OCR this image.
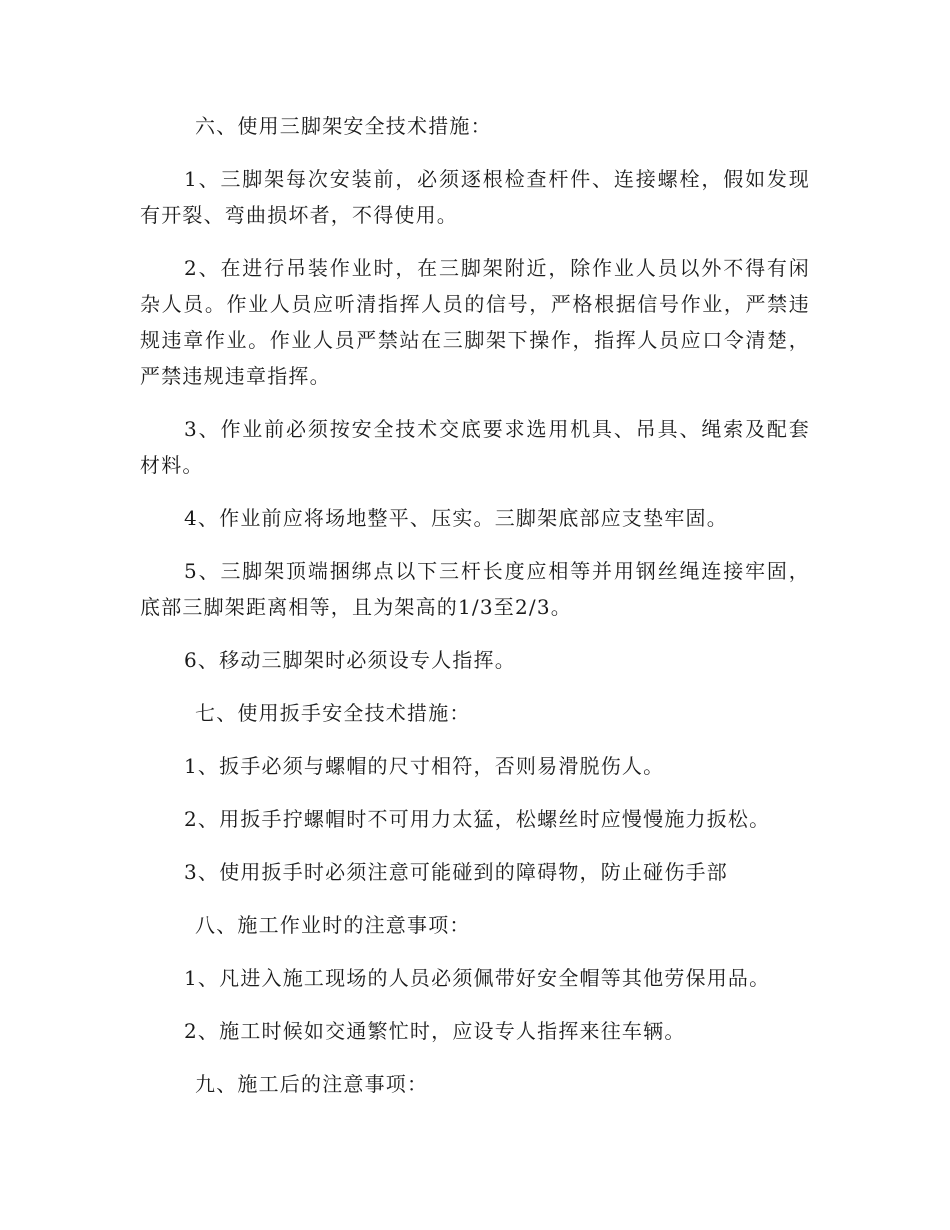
六、使用三脚架安全技术措施：

1、三脚架每次安装前，必须逐根检查杆件、连接螺栓，假如发现有开裂、弯曲损坏者，不得使用。

2、在进行吊装作业时，在三脚架附近，除作业人员以外不得有闲杂人员。作业人员应听清指挥人员的信号，严格根据信号作业，严禁违规违章作业。作业人员严禁站在三脚架下操作，指挥人员应口令清楚，严禁违规违章指挥。

3、作业前必须按安全技术交底要求选用机具、吊具、绳索及配套材料。

4、作业前应将场地整平、压实。三脚架底部应支垫牢固。

5、三脚架顶端捆绑点以下三杆长度应相等并用钢丝绳连接牢固，底部三脚架距离相等，且为架高的1/3至2/3。

6、移动三脚架时必须设专人指挥。

七、使用扳手安全技术措施：

1、扳手必须与螺帽的尺寸相符，否则易滑脱伤人。

2、用扳手拧螺帽时不可用力太猛，松螺丝时应慢慢施力扳松。

3、使用扳手时必须注意可能碰到的障碍物，防止碰伤手部

八、施工作业时的注意事项：

1、凡进入施工现场的人员必须佩带好安全帽等其他劳保用品。

2、施工时候如交通繁忙时，应设专人指挥来往车辆。

九、施工后的注意事项：
